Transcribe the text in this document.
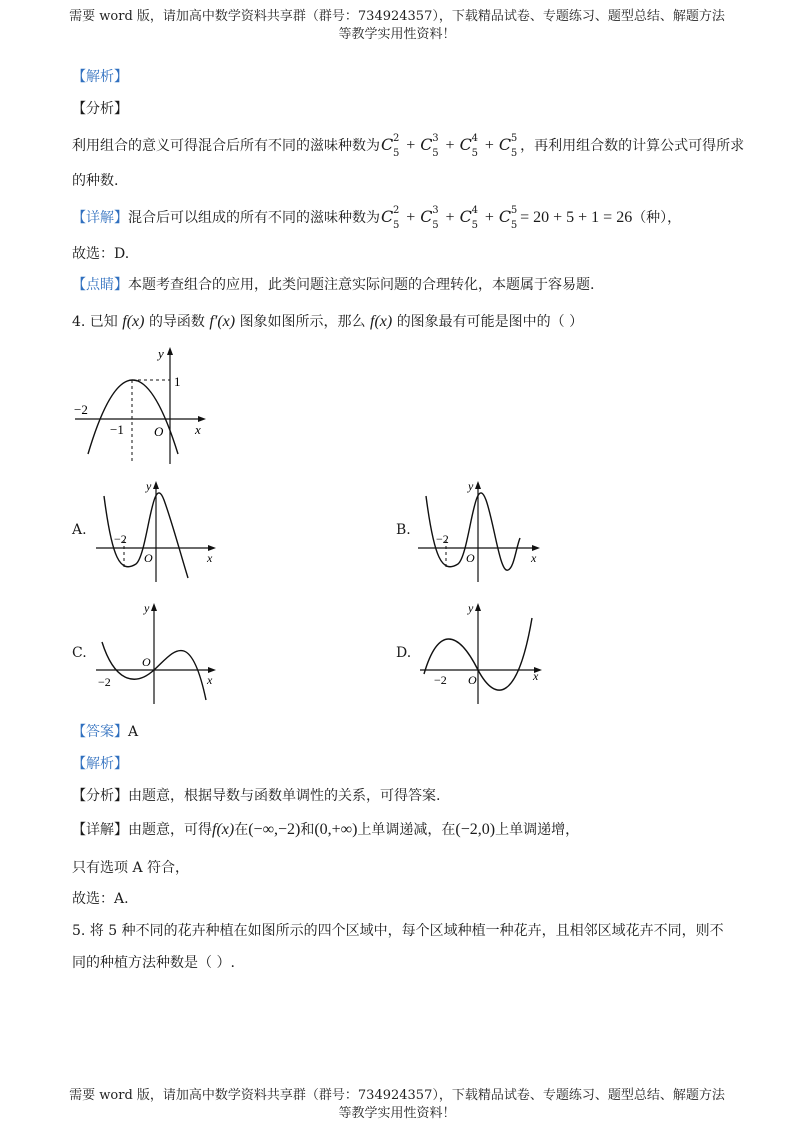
需要 word 版，请加高中数学资料共享群（群号：734924357），下载精品试卷、专题练习、题型总结、解题方法
等教学实用性资料！
【解析】
【分析】
利用组合的意义可得混合后所有不同的滋味种数为C 2
5 + C 3
5 + C 4
5 + C 5
5 ，再利用组合数的计算公式可得所求
的种数.
【详解】混合后可以组成的所有不同的滋味种数为C 2
5 + C 3
5 + C 4
5 + C 5
5 = 20 + 5 + 1 = 26（种），
故选：D.
【点睛】本题考查组合的应用，此类问题注意实际问题的合理转化，本题属于容易题.
4. 已知 f(x) 的导函数 f′(x) 图象如图所示，那么 f(x) 的图象最有可能是图中的（ ）
y
x
O
1
−1
−2
A.
y
x
O
−2
B.
y
x
O
−2
C.
y
x
O
−2
D.
y
x
O
−2
【答案】A
【解析】
【分析】由题意，根据导数与函数单调性的关系，可得答案.
【详解】由题意，可得f(x)在(−∞,−2)和(0,+∞)上单调递减，在(−2,0)上单调递增，
只有选项 A 符合，
故选：A.
5. 将 5 种不同的花卉种植在如图所示的四个区域中，每个区域种植一种花卉，且相邻区域花卉不同，则不
同的种植方法种数是（ ）.
需要 word 版，请加高中数学资料共享群（群号：734924357），下载精品试卷、专题练习、题型总结、解题方法
等教学实用性资料！
